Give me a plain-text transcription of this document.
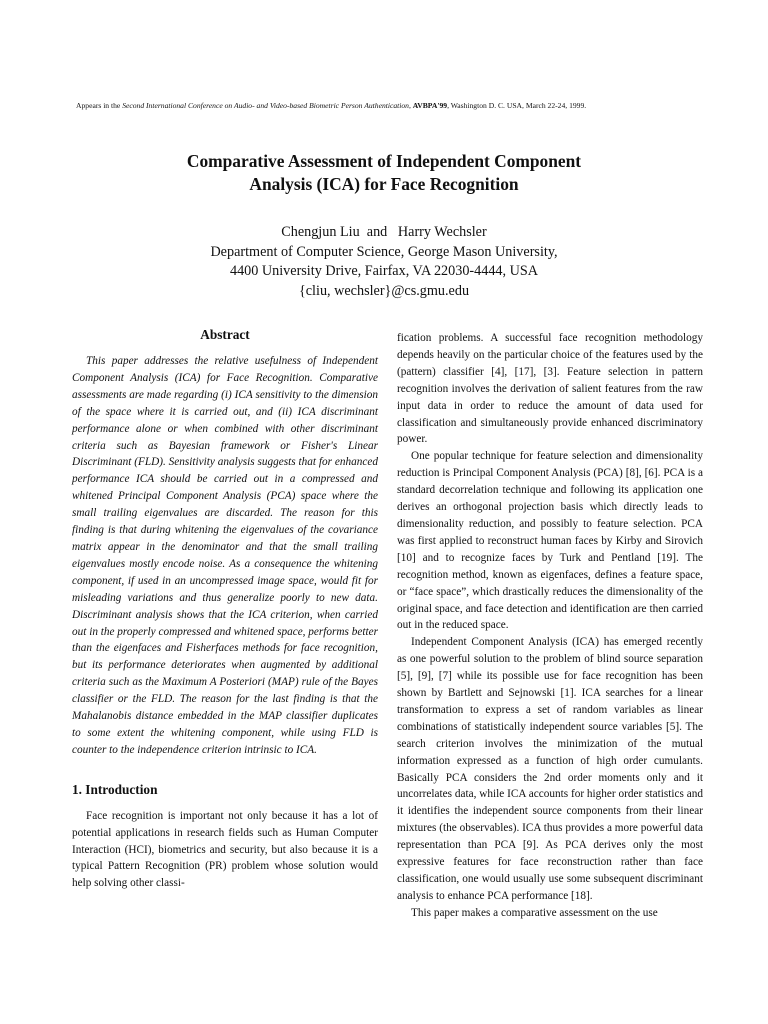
Appears in the Second International Conference on Audio- and Video-based Biometric Person Authentication, AVBPA'99, Washington D. C. USA, March 22-24, 1999.
Comparative Assessment of Independent Component
Analysis (ICA) for Face Recognition
Chengjun Liu  and   Harry Wechsler
Department of Computer Science, George Mason University,
4400 University Drive, Fairfax, VA 22030-4444, USA
{cliu, wechsler}@cs.gmu.edu
Abstract

This paper addresses the relative usefulness of Independent Component Analysis (ICA) for Face Recognition. Comparative assessments are made regarding (i) ICA sensitivity to the dimension of the space where it is carried out, and (ii) ICA discriminant performance alone or when combined with other discriminant criteria such as Bayesian framework or Fisher's Linear Discriminant (FLD). Sensitivity analysis suggests that for enhanced performance ICA should be carried out in a compressed and whitened Principal Component Analysis (PCA) space where the small trailing eigenvalues are discarded. The reason for this finding is that during whitening the eigenvalues of the covariance matrix appear in the denominator and that the small trailing eigenvalues mostly encode noise. As a consequence the whitening component, if used in an uncompressed image space, would fit for misleading variations and thus generalize poorly to new data. Discriminant analysis shows that the ICA criterion, when carried out in the properly compressed and whitened space, performs better than the eigenfaces and Fisherfaces methods for face recognition, but its performance deteriorates when augmented by additional criteria such as the Maximum A Posteriori (MAP) rule of the Bayes classifier or the FLD. The reason for the last finding is that the Mahalanobis distance embedded in the MAP classifier duplicates to some extent the whitening component, while using FLD is counter to the independence criterion intrinsic to ICA.

1. Introduction

Face recognition is important not only because it has a lot of potential applications in research fields such as Human Computer Interaction (HCI), biometrics and security, but also because it is a typical Pattern Recognition (PR) problem whose solution would help solving other classi-

fication problems. A successful face recognition methodology depends heavily on the particular choice of the features used by the (pattern) classifier [4], [17], [3]. Feature selection in pattern recognition involves the derivation of salient features from the raw input data in order to reduce the amount of data used for classification and simultaneously provide enhanced discriminatory power.

One popular technique for feature selection and dimensionality reduction is Principal Component Analysis (PCA) [8], [6]. PCA is a standard decorrelation technique and following its application one derives an orthogonal projection basis which directly leads to dimensionality reduction, and possibly to feature selection. PCA was first applied to reconstruct human faces by Kirby and Sirovich [10] and to recognize faces by Turk and Pentland [19]. The recognition method, known as eigenfaces, defines a feature space, or “face space”, which drastically reduces the dimensionality of the original space, and face detection and identification are then carried out in the reduced space.

Independent Component Analysis (ICA) has emerged recently as one powerful solution to the problem of blind source separation [5], [9], [7] while its possible use for face recognition has been shown by Bartlett and Sejnowski [1]. ICA searches for a linear transformation to express a set of random variables as linear combinations of statistically independent source variables [5]. The search criterion involves the minimization of the mutual information expressed as a function of high order cumulants. Basically PCA considers the 2nd order moments only and it uncorrelates data, while ICA accounts for higher order statistics and it identifies the independent source components from their linear mixtures (the observables). ICA thus provides a more powerful data representation than PCA [9]. As PCA derives only the most expressive features for face reconstruction rather than face classification, one would usually use some subsequent discriminant analysis to enhance PCA performance [18].

This paper makes a comparative assessment on the use
